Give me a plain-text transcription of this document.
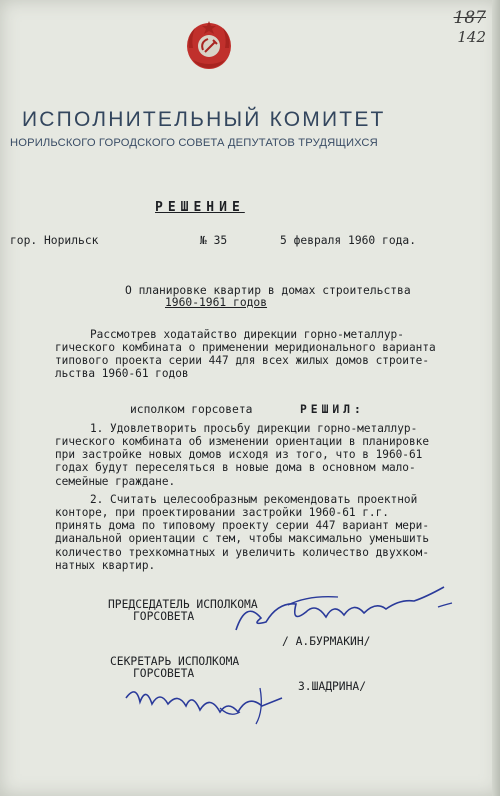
187
142
ИСПОЛНИТЕЛЬНЫЙ КОМИТЕТ
НОРИЛЬСКОГО ГОРОДСКОГО СОВЕТА ДЕПУТАТОВ ТРУДЯЩИХСЯ
РЕШЕНИЕ
гор. Норильск	№ 35	5 февраля 1960 года.
О планировке квартир в домах строительства
1960-1961 годов
Рассмотрев ходатайство дирекции горно-металлур-
гического комбината о применении меридионального варианта
типового проекта серии 447 для всех жилых домов строите-
льства 1960-61 годов
исполком горсовета	РЕШИЛ:
1. Удовлетворить просьбу дирекции горно-металлур-
гического комбината об изменении ориентации в планировке
при застройке новых домов исходя из того, что в 1960-61
годах будут переселяться в новые дома в основном мало-
семейные граждане.
2. Считать целесообразным рекомендовать проектной
конторе, при проектировании застройки 1960-61 г.г.
принять дома по типовому проекту серии 447 вариант мери-
дианальной ориентации с тем, чтобы максимально уменьшить
количество трехкомнатных и увеличить количество двухком-
натных квартир.
ПРЕДСЕДАТЕЛЬ ИСПОЛКОМА
ГОРСОВЕТА
/ А.БУРМАКИН/
СЕКРЕТАРЬ ИСПОЛКОМА
ГОРСОВЕТА
З.ШАДРИНА/
